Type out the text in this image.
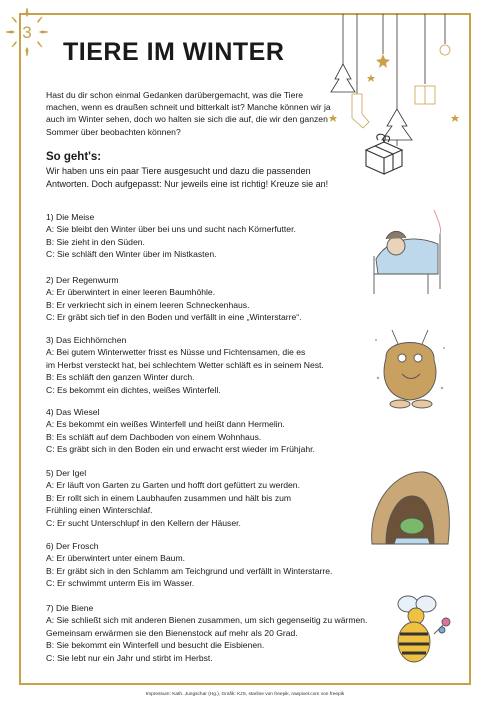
3
TIERE IM WINTER
Hast du dir schon einmal Gedanken darübergemacht, was die Tiere machen, wenn es draußen schneit und bitterkalt ist? Manche können wir ja auch im Winter sehen, doch wo halten sie sich die auf, die wir den ganzen Sommer über beobachten können?
So geht's:
Wir haben uns ein paar Tiere ausgesucht und dazu die passenden Antworten. Doch aufgepasst: Nur jeweils eine ist richtig! Kreuze sie an!
1) Die Meise
A: Sie bleibt den Winter über bei uns und sucht nach Körnerfutter.
B: Sie zieht in den Süden.
C: Sie schläft den Winter über im Nistkasten.
2) Der Regenwurm
A: Er überwintert in einer leeren Baumhöhle.
B: Er verkriecht sich in einem leeren Schneckenhaus.
C: Er gräbt sich tief in den Boden und verfällt in eine „Winterstarre“.
3) Das Eichhörnchen
A: Bei gutem Winterwetter frisst es Nüsse und Fichtensamen, die es
im Herbst versteckt hat, bei schlechtem Wetter schläft es in seinem Nest.
B: Es schläft den ganzen Winter durch.
C: Es bekommt ein dichtes, weißes Winterfell.
4) Das Wiesel
A: Es bekommt ein weißes Winterfell und heißt dann Hermelin.
B: Es schläft auf dem Dachboden von einem Wohnhaus.
C: Es gräbt sich in den Boden ein und erwacht erst wieder im Frühjahr.
5) Der Igel
A: Er läuft von Garten zu Garten und hofft dort gefüttert zu werden.
B: Er rollt sich in einem Laubhaufen zusammen und hält bis zum
Frühling einen Winterschlaf.
C: Er sucht Unterschlupf in den Kellern der Häuser.
6) Der Frosch
A: Er überwintert unter einem Baum.
B: Er gräbt sich in den Schlamm am Teichgrund und verfällt in Winterstarre.
C: Er schwimmt unterm Eis im Wasser.
7) Die Biene
A: Sie schließt sich mit anderen Bienen zusammen, um sich gegenseitig zu wärmen.
Gemeinsam erwärmen sie den Bienenstock auf mehr als 20 Grad.
B: Sie bekommt ein Winterfell und besucht die Eisbienen.
C: Sie lebt nur ein Jahr und stirbt im Herbst.
Impressum: Kath. Jungschar (Hg.), Grafik: KJS, starline von freepik, rawpixel.com von freepik
